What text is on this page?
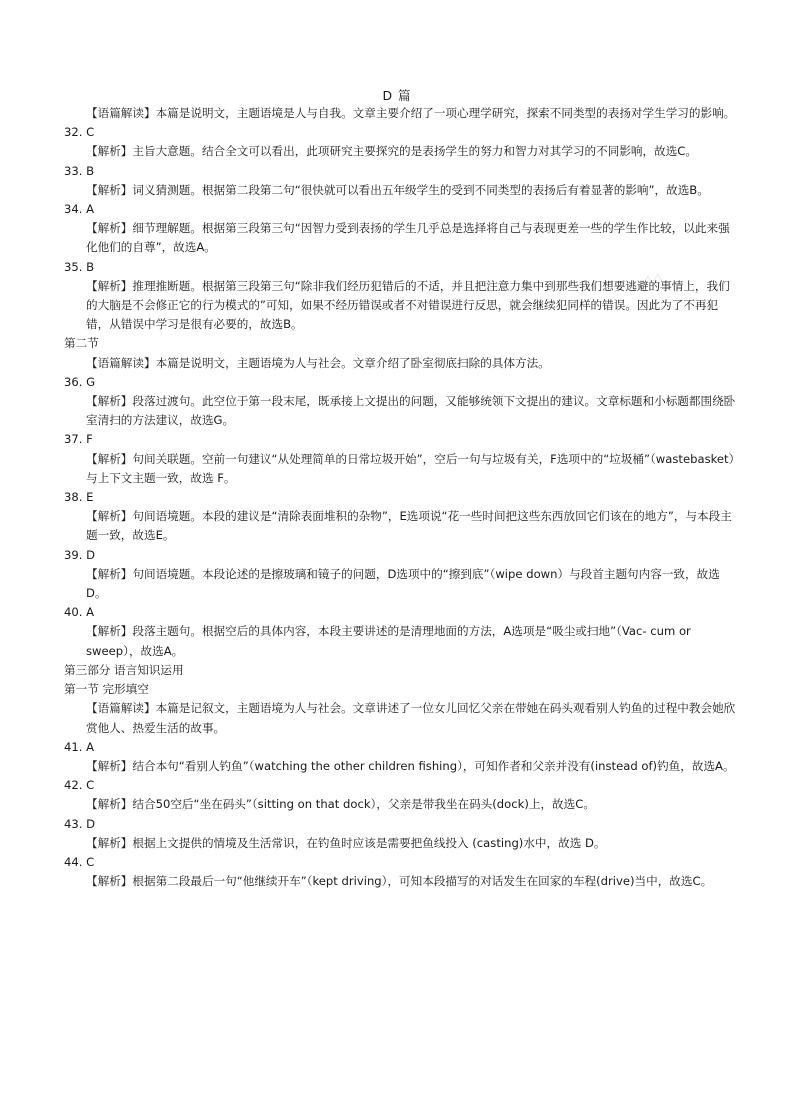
D 篇
【语篇解读】本篇是说明文，主题语境是人与自我。文章主要介绍了一项心理学研究，探索不同类型的表扬对学生学习的影响。
32. C
【解析】主旨大意题。结合全文可以看出，此项研究主要探究的是表扬学生的努力和智力对其学习的不同影响，故选C。
33. B
【解析】词义猜测题。根据第二段第二句“很快就可以看出五年级学生的受到不同类型的表扬后有着显著的影响”，故选B。
34. A
【解析】细节理解题。根据第三段第三句“因智力受到表扬的学生几乎总是选择将自己与表现更差一些的学生作比较，以此来强化他们的自尊”，故选A。
35. B
【解析】推理推断题。根据第三段第三句“除非我们经历犯错后的不适，并且把注意力集中到那些我们想要逃避的事情上，我们的大脑是不会修正它的行为模式的”可知，如果不经历错误或者不对错误进行反思，就会继续犯同样的错误。因此为了不再犯错，从错误中学习是很有必要的，故选B。
第二节
【语篇解读】本篇是说明文，主题语境为人与社会。文章介绍了卧室彻底扫除的具体方法。
36. G
【解析】段落过渡句。此空位于第一段末尾，既承接上文提出的问题，又能够统领下文提出的建议。文章标题和小标题都围绕卧室清扫的方法建议，故选G。
37. F
【解析】句间关联题。空前一句建议“从处理简单的日常垃圾开始”，空后一句与垃圾有关，F选项中的“垃圾桶”（wastebasket）与上下文主题一致，故选 F。
38. E
【解析】句间语境题。本段的建议是“清除表面堆积的杂物”，E选项说“花一些时间把这些东西放回它们该在的地方”，与本段主题一致，故选E。
39. D
【解析】句间语境题。本段论述的是擦玻璃和镜子的问题，D选项中的“擦到底”（wipe down）与段首主题句内容一致，故选D。
40. A
【解析】段落主题句。根据空后的具体内容，本段主要讲述的是清理地面的方法，A选项是“吸尘或扫地”（Vac- cum or sweep），故选A。
第三部分 语言知识运用
第一节 完形填空
【语篇解读】本篇是记叙文，主题语境为人与社会。文章讲述了一位女儿回忆父亲在带她在码头观看别人钓鱼的过程中教会她欣赏他人、热爱生活的故事。
41. A
【解析】结合本句“看别人钓鱼”（watching the other children fishing），可知作者和父亲并没有(instead of)钓鱼，故选A。
42. C
【解析】结合50空后“坐在码头”（sitting on that dock），父亲是带我坐在码头(dock)上，故选C。
43. D
【解析】根据上文提供的情境及生活常识，在钓鱼时应该是需要把鱼线投入 (casting)水中，故选 D。
44. C
【解析】根据第二段最后一句“他继续开车”（kept driving），可知本段描写的对话发生在回家的车程(drive)当中，故选C。
